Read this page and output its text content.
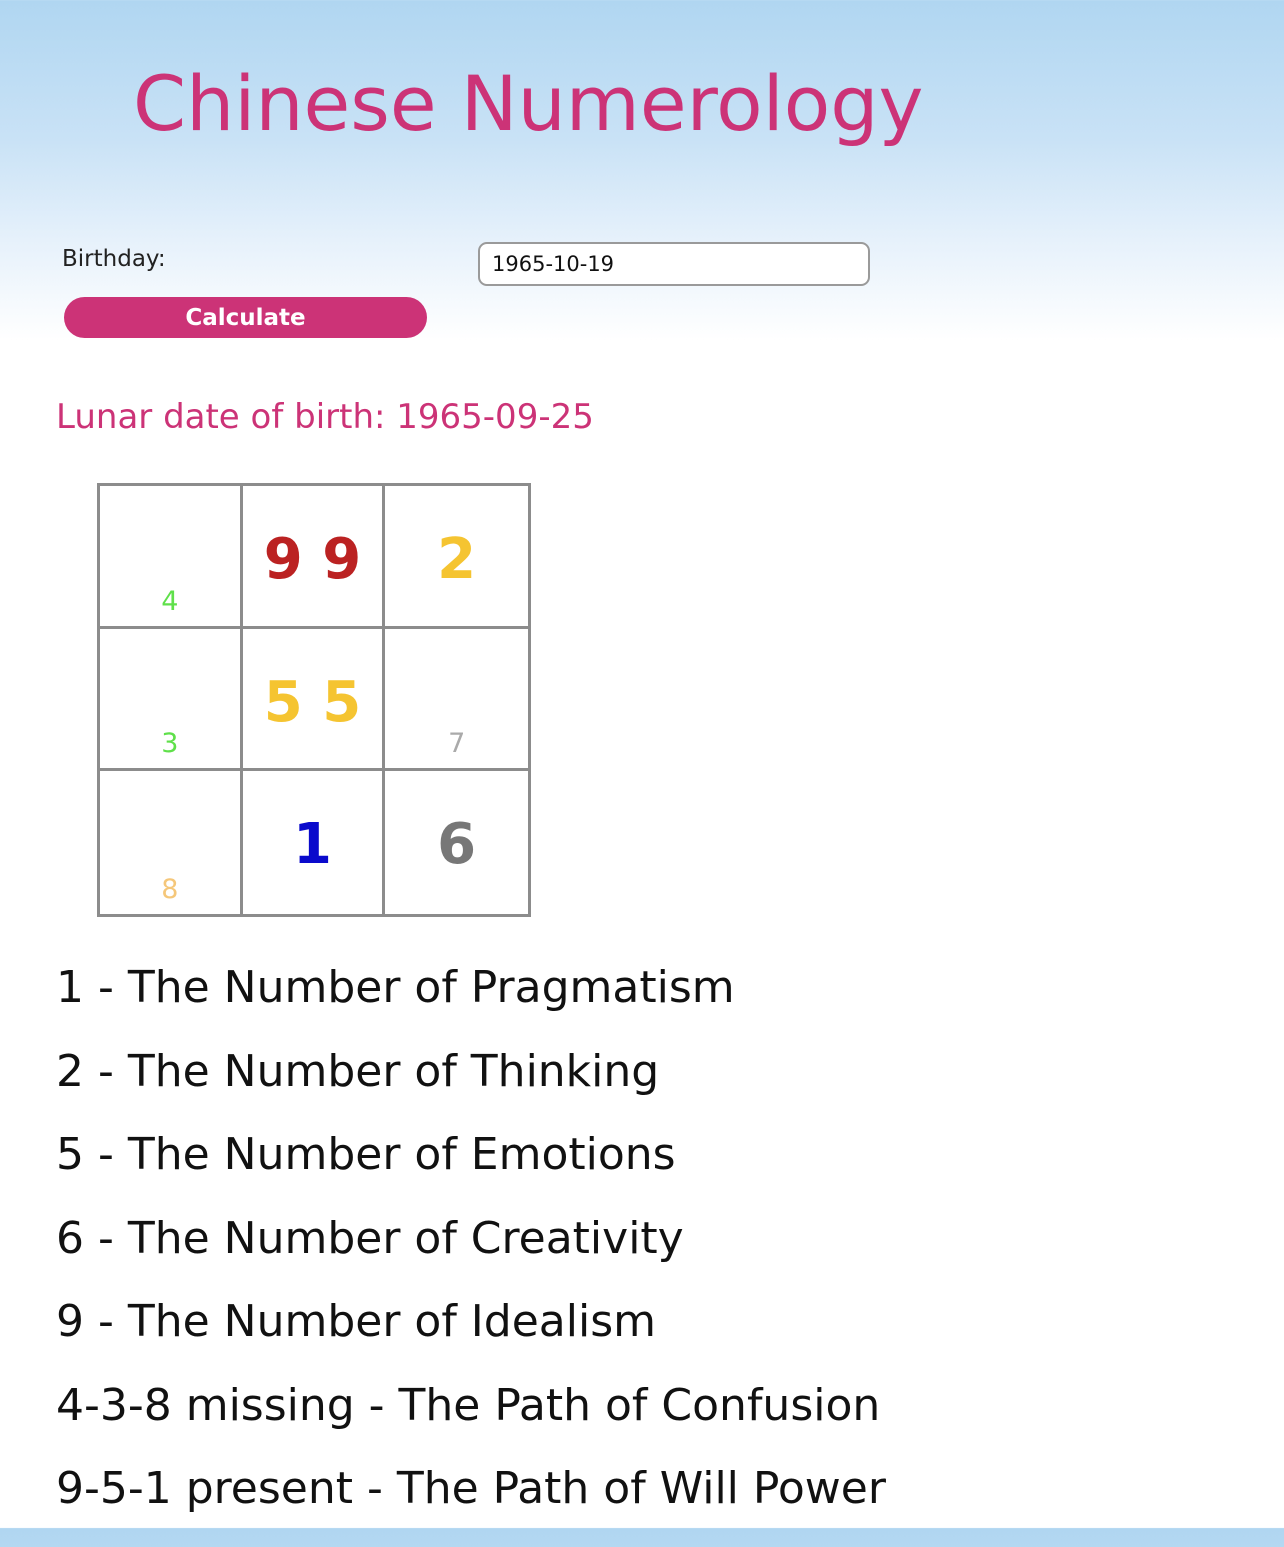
Chinese Numerology
Birthday:
1965-10-19
Calculate
Lunar date of birth: 1965-09-25
4
9 9	2
3
5 5
7
8
1	6
1 - The Number of Pragmatism
2 - The Number of Thinking
5 - The Number of Emotions
6 - The Number of Creativity
9 - The Number of Idealism
4-3-8 missing - The Path of Confusion
9-5-1 present - The Path of Will Power
